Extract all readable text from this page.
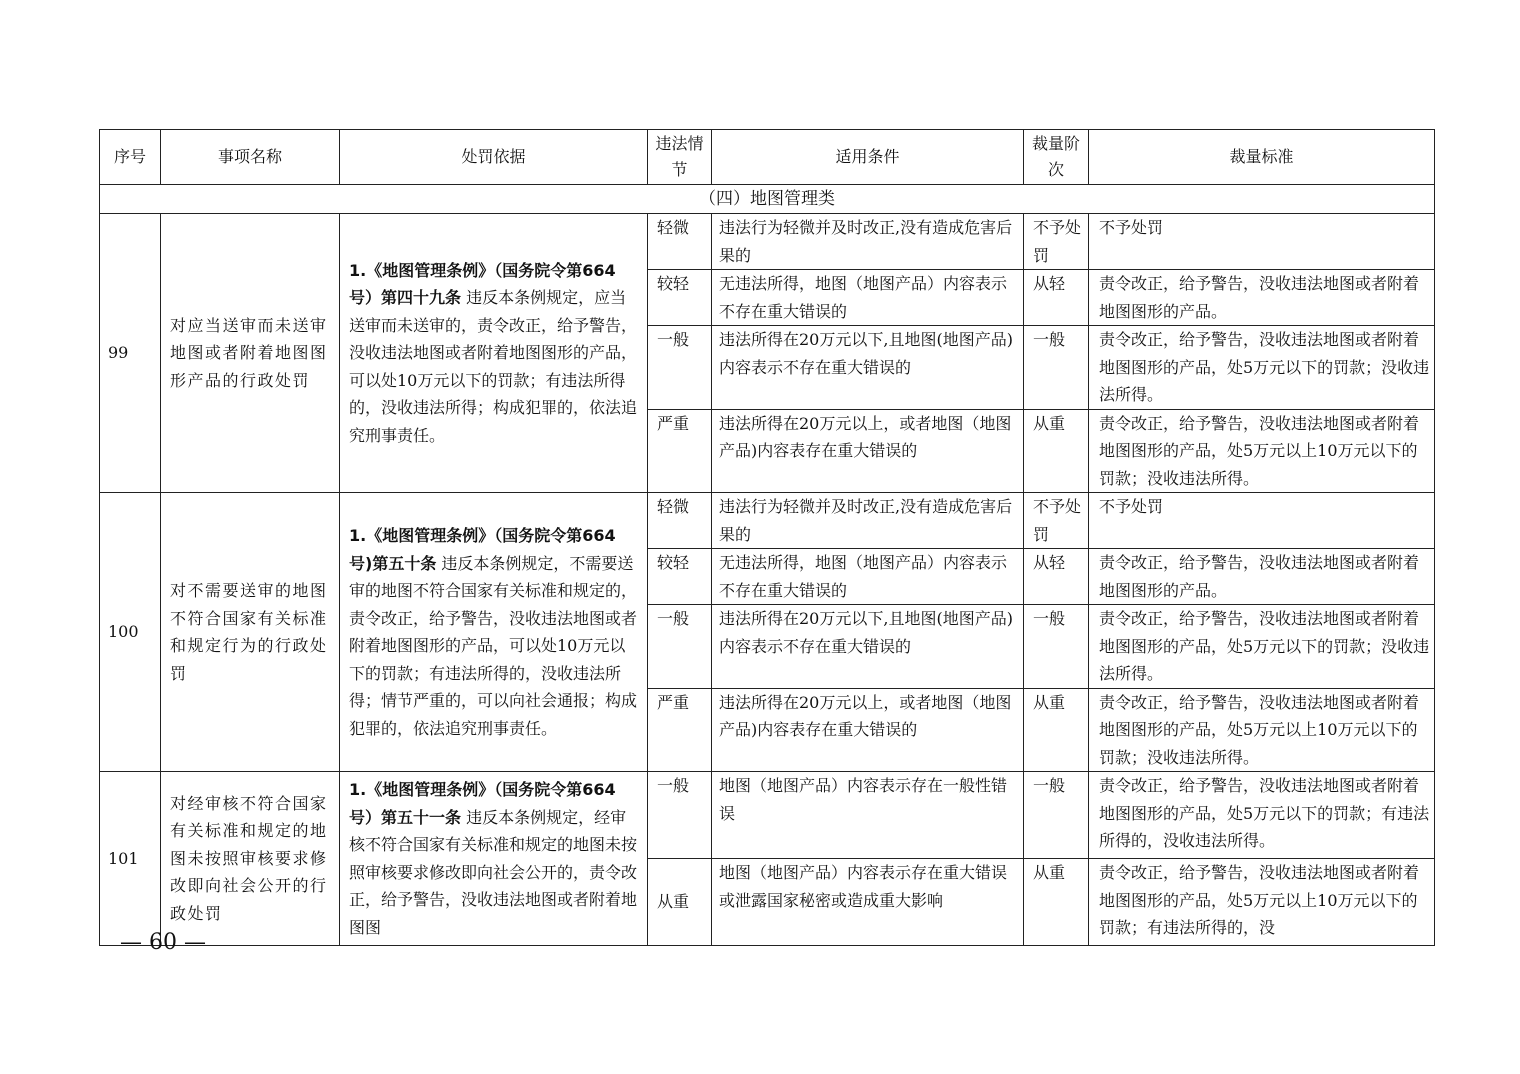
序号	事项名称	处罚依据	违法情节	适用条件	裁量阶次	裁量标准
（四）地图管理类						
99	对应当送审而未送审地图或者附着地图图形产品的行政处罚	1.《地图管理条例》（国务院令第664号）第四十九条 违反本条例规定，应当送审而未送审的，责令改正，给予警告，没收违法地图或者附着地图图形的产品，可以处10万元以下的罚款；有违法所得的，没收违法所得；构成犯罪的，依法追究刑事责任。	轻微	违法行为轻微并及时改正,没有造成危害后果的	不予处罚	不予处罚
			较轻	无违法所得，地图（地图产品）内容表示不存在重大错误的	从轻	责令改正，给予警告，没收违法地图或者附着地图图形的产品。
			一般	违法所得在20万元以下,且地图(地图产品)内容表示不存在重大错误的	一般	责令改正，给予警告，没收违法地图或者附着地图图形的产品，处5万元以下的罚款；没收违法所得。
			严重	违法所得在20万元以上，或者地图（地图产品)内容表存在重大错误的	从重	责令改正，给予警告，没收违法地图或者附着地图图形的产品，处5万元以上10万元以下的罚款；没收违法所得。
100	对不需要送审的地图不符合国家有关标准和规定行为的行政处罚	1.《地图管理条例》（国务院令第664号)第五十条 违反本条例规定，不需要送审的地图不符合国家有关标准和规定的，责令改正，给予警告，没收违法地图或者附着地图图形的产品，可以处10万元以下的罚款；有违法所得的，没收违法所得；情节严重的，可以向社会通报；构成犯罪的，依法追究刑事责任。	轻微	违法行为轻微并及时改正,没有造成危害后果的	不予处罚	不予处罚
			较轻	无违法所得，地图（地图产品）内容表示不存在重大错误的	从轻	责令改正，给予警告，没收违法地图或者附着地图图形的产品。
			一般	违法所得在20万元以下,且地图(地图产品)内容表示不存在重大错误的	一般	责令改正，给予警告，没收违法地图或者附着地图图形的产品，处5万元以下的罚款；没收违法所得。
			严重	违法所得在20万元以上，或者地图（地图产品)内容表存在重大错误的	从重	责令改正，给予警告，没收违法地图或者附着地图图形的产品，处5万元以上10万元以下的罚款；没收违法所得。
101	对经审核不符合国家有关标准和规定的地图未按照审核要求修改即向社会公开的行政处罚	1.《地图管理条例》（国务院令第664号）第五十一条 违反本条例规定，经审核不符合国家有关标准和规定的地图未按照审核要求修改即向社会公开的，责令改正，给予警告，没收违法地图或者附着地图图	一般	地图（地图产品）内容表示存在一般性错误	一般	责令改正，给予警告，没收违法地图或者附着地图图形的产品，处5万元以下的罚款；有违法所得的，没收违法所得。
			从重	地图（地图产品）内容表示存在重大错误或泄露国家秘密或造成重大影响	从重	责令改正，给予警告，没收违法地图或者附着地图图形的产品，处5万元以上10万元以下的罚款；有违法所得的，没
— 60 —
